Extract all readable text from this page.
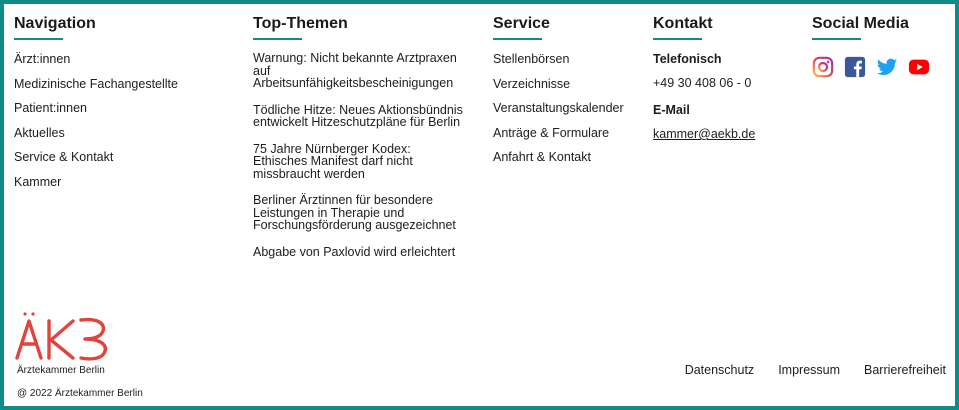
Navigation
Ärzt:innen
Medizinische Fachangestellte
Patient:innen
Aktuelles
Service & Kontakt
Kammer
Top-Themen
Warnung: Nicht bekannte Arztpraxen auf Arbeitsunfähigkeitsbescheinigungen
Tödliche Hitze: Neues Aktionsbündnis entwickelt Hitzeschutzpläne für Berlin
75 Jahre Nürnberger Kodex: Ethisches Manifest darf nicht missbraucht werden
Berliner Ärztinnen für besondere Leistungen in Therapie und Forschungsförderung ausgezeichnet
Abgabe von Paxlovid wird erleichtert
Service
Stellenbörsen
Verzeichnisse
Veranstaltungskalender
Anträge & Formulare
Anfahrt & Kontakt
Kontakt
Telefonisch
+49 30 408 06 - 0
E-Mail
kammer@aekb.de
Social Media
Ärztekammer Berlin
@ 2022 Ärztekammer Berlin
Datenschutz Impressum Barrierefreiheit
